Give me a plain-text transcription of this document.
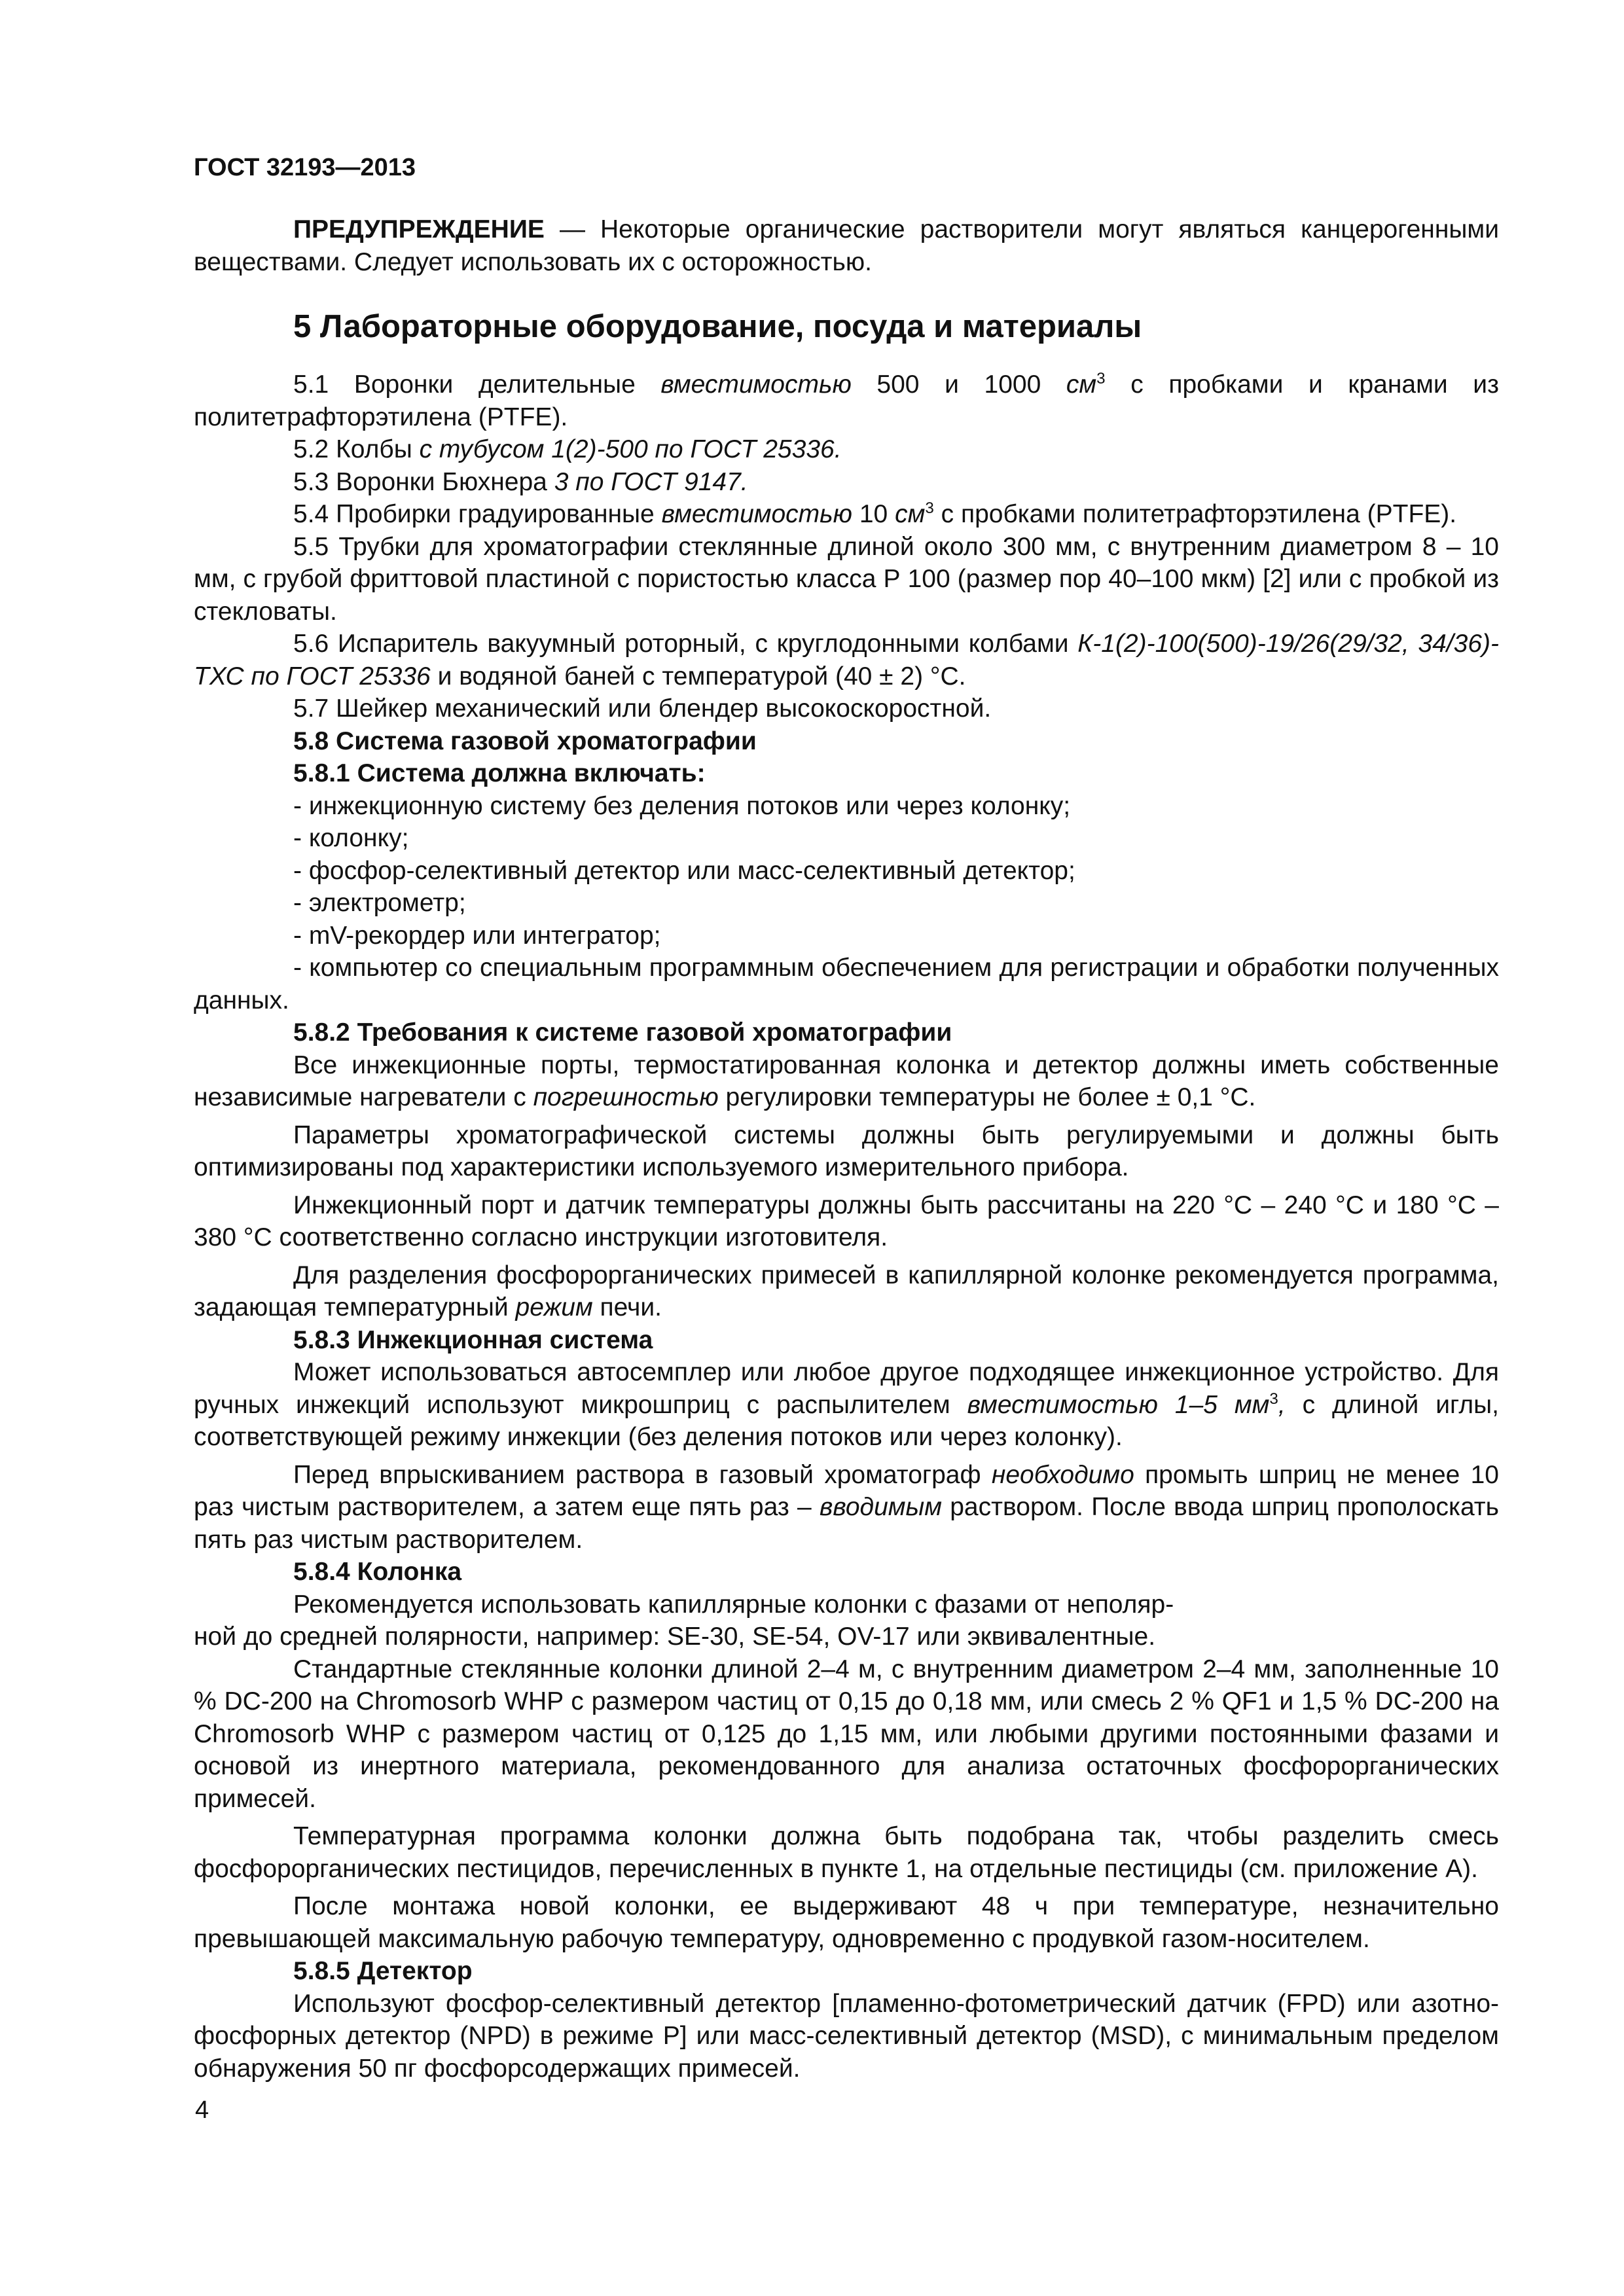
ГОСТ 32193—2013

ПРЕДУПРЕЖДЕНИЕ — Некоторые органические растворители могут являться канцерогенными веществами. Следует использовать их с осторожностью.

5 Лабораторные оборудование, посуда и материалы

5.1 Воронки делительные вместимостью 500 и 1000 $см^3$ с пробками и кранами из политетрафторэтилена (PTFE).

5.2 Колбы с тубусом 1(2)-500 по ГОСТ 25336.

5.3 Воронки Бюхнера 3 по ГОСТ 9147.

5.4 Пробирки градуированные вместимостью 10 $см^3$ с пробками политетрафторэтилена (PTFE).

5.5 Трубки для хроматографии стеклянные длиной около 300 мм, с внутренним диаметром 8 – 10 мм, с грубой фриттовой пластиной с пористостью класса Р 100 (размер пор 40–100 мкм) [2] или с пробкой из стекловаты.

5.6 Испаритель вакуумный роторный, с круглодонными колбами К-1(2)-100(500)-19/26(29/32, 34/36)-ТХС по ГОСТ 25336 и водяной баней с температурой (40 ± 2) °С.

5.7 Шейкер механический или блендер высокоскоростной.

5.8 Система газовой хроматографии

5.8.1 Система должна включать:

- инжекционную систему без деления потоков или через колонку;

- колонку;

- фосфор-селективный детектор или масс-селективный детектор;

- электрометр;

- mV-рекордер или интегратор;

- компьютер со специальным программным обеспечением для регистрации и обработки полученных данных.

5.8.2 Требования к системе газовой хроматографии

Все инжекционные порты, термостатированная колонка и детектор должны иметь собственные независимые нагреватели с погрешностью регулировки температуры не более ± 0,1 °С.

Параметры хроматографической системы должны быть регулируемыми и должны быть оптимизированы под характеристики используемого измерительного прибора.

Инжекционный порт и датчик температуры должны быть рассчитаны на 220 °С – 240 °С и 180 °С – 380 °С соответственно согласно инструкции изготовителя.

Для разделения фосфорорганических примесей в капиллярной колонке рекомендуется программа, задающая температурный режим печи.

5.8.3 Инжекционная система

Может использоваться автосемплер или любое другое подходящее инжекционное устройство. Для ручных инжекций используют микрошприц с распылителем вместимостью 1–5 $мм^3$, с длиной иглы, соответствующей режиму инжекции (без деления потоков или через колонку).

Перед впрыскиванием раствора в газовый хроматограф необходимо промыть шприц не менее 10 раз чистым растворителем, а затем еще пять раз – вводимым раствором. После ввода шприц прополоскать пять раз чистым растворителем.

5.8.4 Колонка

Рекомендуется использовать капиллярные колонки с фазами от неполяр-
ной до средней полярности, например: SE-30, SE-54, OV-17 или эквивалентные.

Стандартные стеклянные колонки длиной 2–4 м, с внутренним диаметром 2–4 мм, заполненные 10 % DC-200 на Chromosorb WHP с размером частиц от 0,15 до 0,18 мм, или смесь 2 % QF1 и 1,5 % DC-200 на Chromosorb WHP с размером частиц от 0,125 до 1,15 мм, или любыми другими постоянными фазами и основой из инертного материала, рекомендованного для анализа остаточных фосфорорганических примесей.

Температурная программа колонки должна быть подобрана так, чтобы разделить смесь фосфорорганических пестицидов, перечисленных в пункте 1, на отдельные пестициды (см. приложение А).

После монтажа новой колонки, ее выдерживают 48 ч при температуре, незначительно превышающей максимальную рабочую температуру, одновременно с продувкой газом-носителем.

5.8.5 Детектор

Используют фосфор-селективный детектор [пламенно-фотометрический датчик (FPD) или азотно-фосфорных детектор (NPD) в режиме Р] или масс-селективный детектор (MSD), с минимальным пределом обнаружения 50 пг фосфорсодержащих примесей.

4
